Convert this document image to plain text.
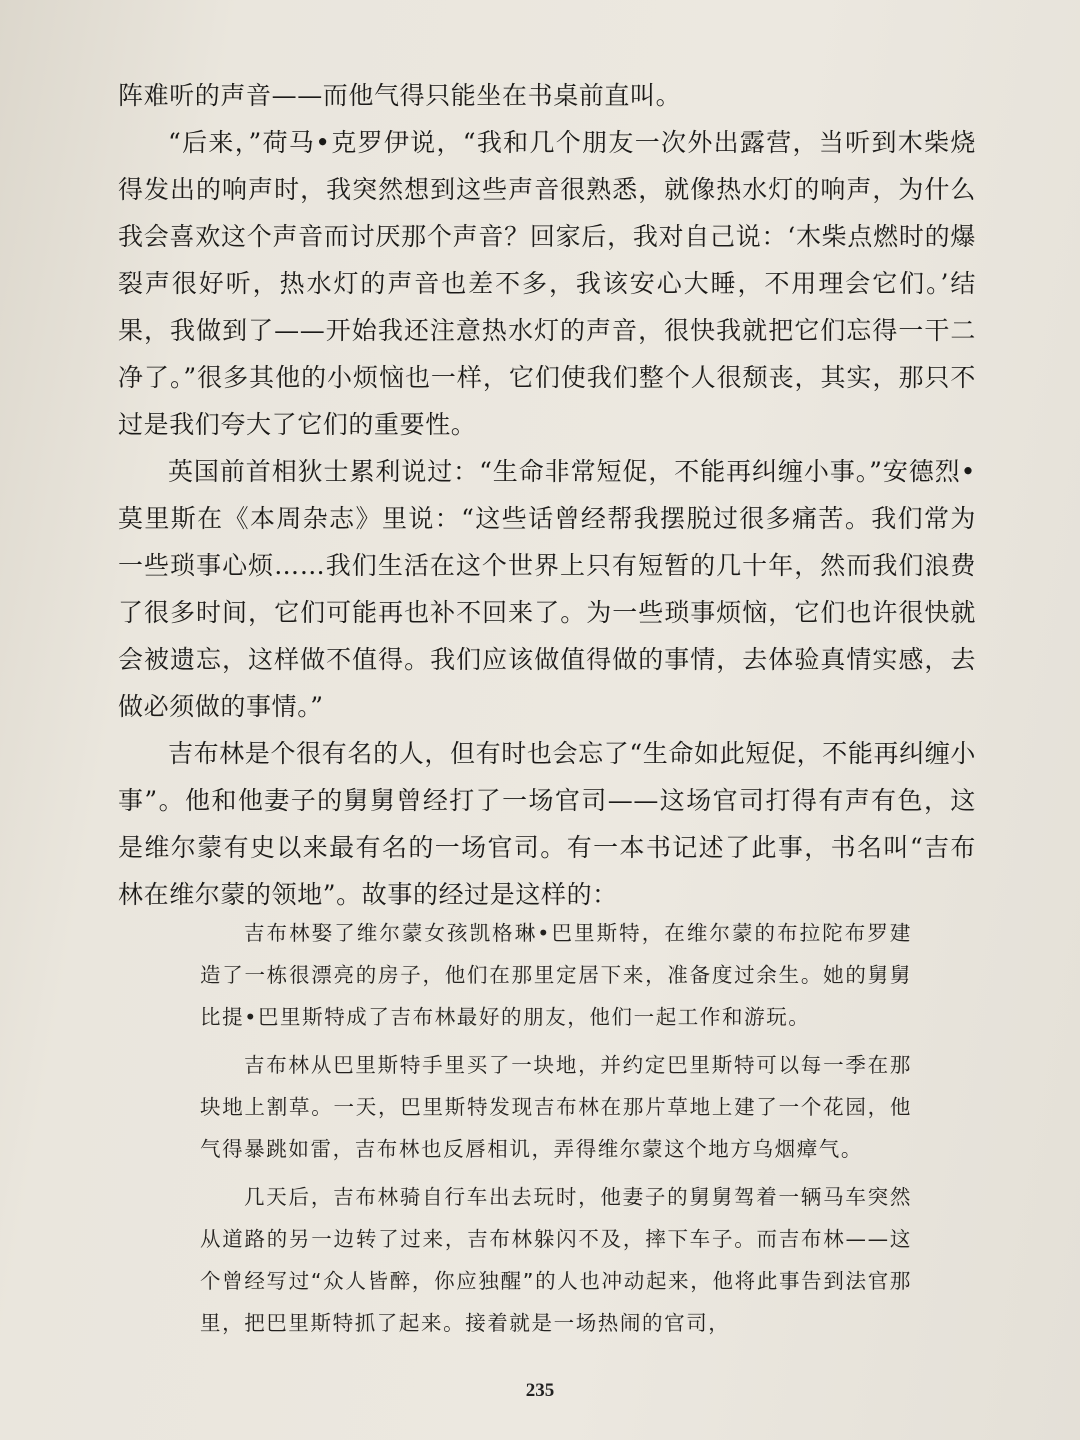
阵难听的声音——而他气得只能坐在书桌前直叫。

“后来，”荷马•克罗伊说，“我和几个朋友一次外出露营，当听到木柴烧得发出的响声时，我突然想到这些声音很熟悉，就像热水灯的响声，为什么我会喜欢这个声音而讨厌那个声音？回家后，我对自己说：‘木柴点燃时的爆裂声很好听，热水灯的声音也差不多，我该安心大睡，不用理会它们。’结果，我做到了——开始我还注意热水灯的声音，很快我就把它们忘得一干二净了。”很多其他的小烦恼也一样，它们使我们整个人很颓丧，其实，那只不过是我们夸大了它们的重要性。

英国前首相狄士累利说过：“生命非常短促，不能再纠缠小事。”安德烈•莫里斯在《本周杂志》里说：“这些话曾经帮我摆脱过很多痛苦。我们常为一些琐事心烦……我们生活在这个世界上只有短暂的几十年，然而我们浪费了很多时间，它们可能再也补不回来了。为一些琐事烦恼，它们也许很快就会被遗忘，这样做不值得。我们应该做值得做的事情，去体验真情实感，去做必须做的事情。”

吉布林是个很有名的人，但有时也会忘了“生命如此短促，不能再纠缠小事”。他和他妻子的舅舅曾经打了一场官司——这场官司打得有声有色，这是维尔蒙有史以来最有名的一场官司。有一本书记述了此事，书名叫“吉布林在维尔蒙的领地”。故事的经过是这样的：

吉布林娶了维尔蒙女孩凯格琳•巴里斯特，在维尔蒙的布拉陀布罗建造了一栋很漂亮的房子，他们在那里定居下来，准备度过余生。她的舅舅比提•巴里斯特成了吉布林最好的朋友，他们一起工作和游玩。

吉布林从巴里斯特手里买了一块地，并约定巴里斯特可以每一季在那块地上割草。一天，巴里斯特发现吉布林在那片草地上建了一个花园，他气得暴跳如雷，吉布林也反唇相讥，弄得维尔蒙这个地方乌烟瘴气。

几天后，吉布林骑自行车出去玩时，他妻子的舅舅驾着一辆马车突然从道路的另一边转了过来，吉布林躲闪不及，摔下车子。而吉布林——这个曾经写过“众人皆醉，你应独醒”的人也冲动起来，他将此事告到法官那里，把巴里斯特抓了起来。接着就是一场热闹的官司，

235
